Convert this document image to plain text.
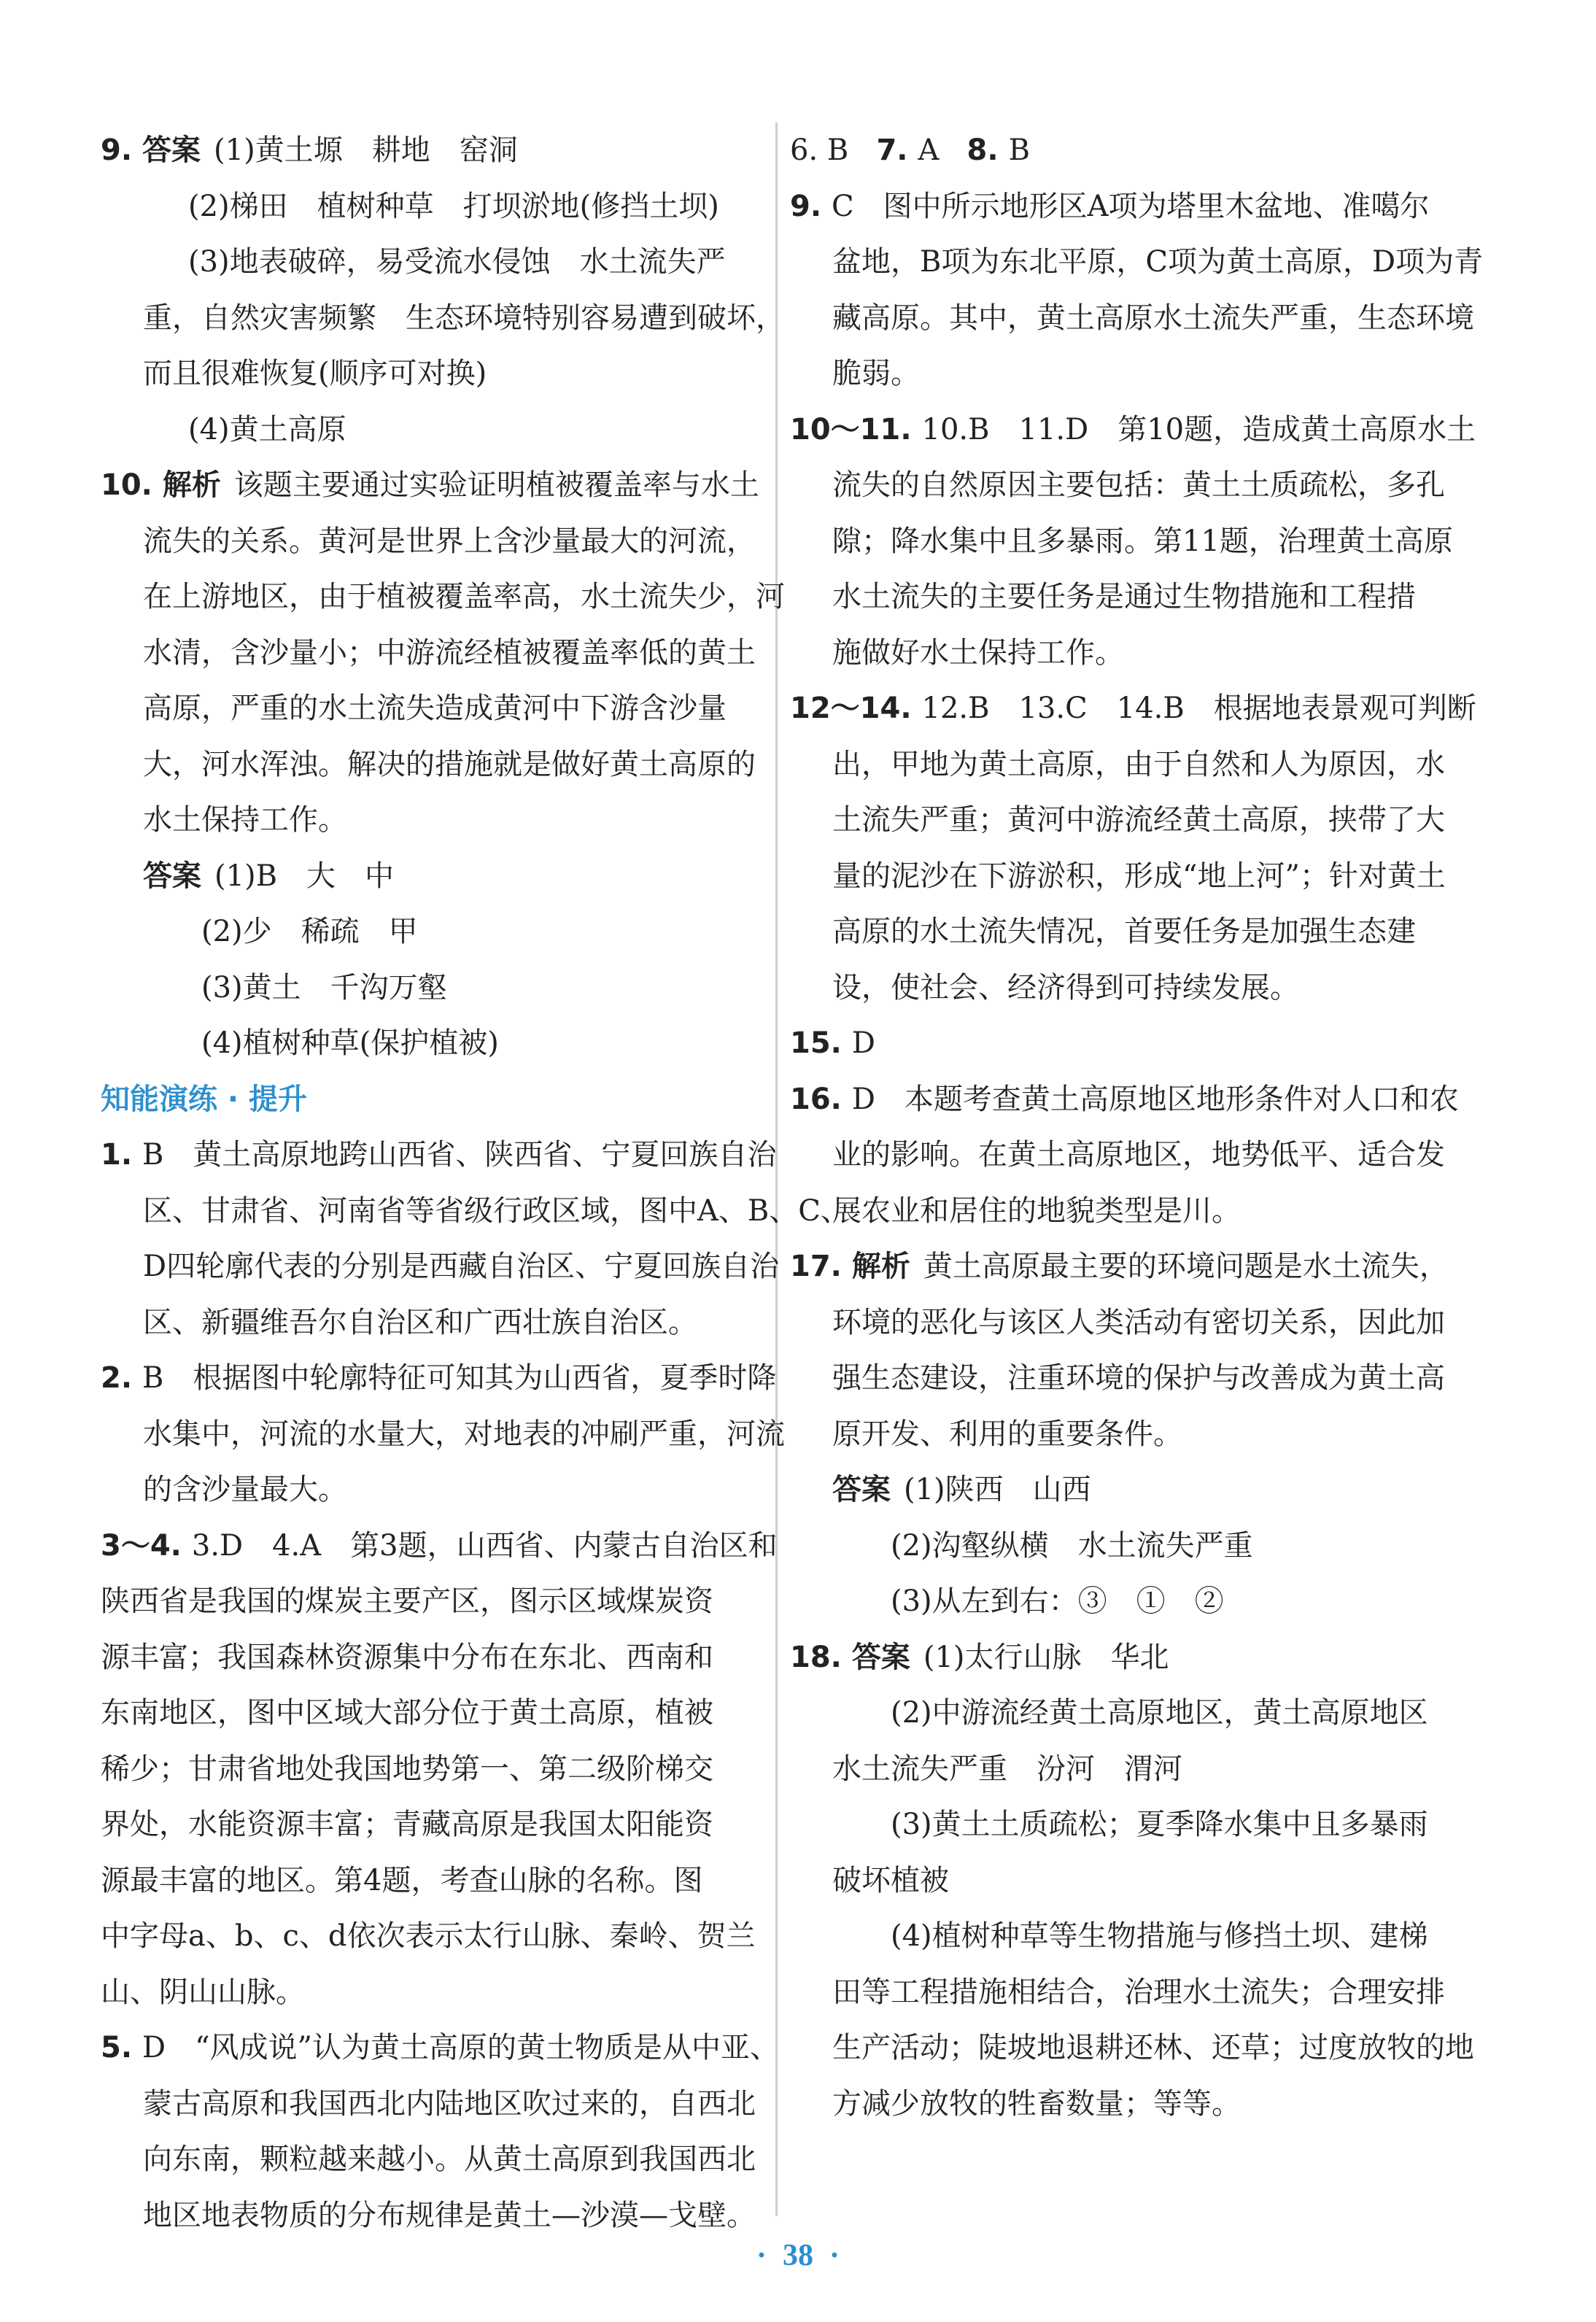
9. 答案 (1)黄土塬　耕地　窑洞
(2)梯田　植树种草　打坝淤地(修挡土坝)
(3)地表破碎，易受流水侵蚀　水土流失严
重，自然灾害频繁　生态环境特别容易遭到破坏，
而且很难恢复(顺序可对换)
(4)黄土高原
10. 解析 该题主要通过实验证明植被覆盖率与水土
流失的关系。黄河是世界上含沙量最大的河流，
在上游地区，由于植被覆盖率高，水土流失少，河
水清，含沙量小；中游流经植被覆盖率低的黄土
高原，严重的水土流失造成黄河中下游含沙量
大，河水浑浊。解决的措施就是做好黄土高原的
水土保持工作。
答案 (1)B　大　中
(2)少　稀疏　甲
(3)黄土　千沟万壑
(4)植树种草(保护植被)
知能演练 · 提升
1. B　黄土高原地跨山西省、陕西省、宁夏回族自治
区、甘肃省、河南省等省级行政区域，图中A、B、C、
D四轮廓代表的分别是西藏自治区、宁夏回族自治
区、新疆维吾尔自治区和广西壮族自治区。
2. B　根据图中轮廓特征可知其为山西省，夏季时降
水集中，河流的水量大，对地表的冲刷严重，河流
的含沙量最大。
3～4. 3.D　4.A　第3题，山西省、内蒙古自治区和
陕西省是我国的煤炭主要产区，图示区域煤炭资
源丰富；我国森林资源集中分布在东北、西南和
东南地区，图中区域大部分位于黄土高原，植被
稀少；甘肃省地处我国地势第一、第二级阶梯交
界处，水能资源丰富；青藏高原是我国太阳能资
源最丰富的地区。第4题，考查山脉的名称。图
中字母a、b、c、d依次表示太行山脉、秦岭、贺兰
山、阴山山脉。
5. D　“风成说”认为黄土高原的黄土物质是从中亚、
蒙古高原和我国西北内陆地区吹过来的，自西北
向东南，颗粒越来越小。从黄土高原到我国西北
地区地表物质的分布规律是黄土—沙漠—戈壁。
6. B 7. A 8. B
9. C　图中所示地形区A项为塔里木盆地、准噶尔
盆地，B项为东北平原，C项为黄土高原，D项为青
藏高原。其中，黄土高原水土流失严重，生态环境
脆弱。
10～11. 10.B　11.D　第10题，造成黄土高原水土
流失的自然原因主要包括：黄土土质疏松，多孔
隙；降水集中且多暴雨。第11题，治理黄土高原
水土流失的主要任务是通过生物措施和工程措
施做好水土保持工作。
12～14. 12.B　13.C　14.B　根据地表景观可判断
出，甲地为黄土高原，由于自然和人为原因，水
土流失严重；黄河中游流经黄土高原，挟带了大
量的泥沙在下游淤积，形成“地上河”；针对黄土
高原的水土流失情况，首要任务是加强生态建
设，使社会、经济得到可持续发展。
15. D
16. D　本题考查黄土高原地区地形条件对人口和农
业的影响。在黄土高原地区，地势低平、适合发
展农业和居住的地貌类型是川。
17. 解析 黄土高原最主要的环境问题是水土流失，
环境的恶化与该区人类活动有密切关系，因此加
强生态建设，注重环境的保护与改善成为黄土高
原开发、利用的重要条件。
答案 (1)陕西　山西
(2)沟壑纵横　水土流失严重
(3)从左到右：③　①　②
18. 答案 (1)太行山脉　华北
(2)中游流经黄土高原地区，黄土高原地区
水土流失严重　汾河　渭河
(3)黄土土质疏松；夏季降水集中且多暴雨
破坏植被
(4)植树种草等生物措施与修挡土坝、建梯
田等工程措施相结合，治理水土流失；合理安排
生产活动；陡坡地退耕还林、还草；过度放牧的地
方减少放牧的牲畜数量；等等。
· 38 ·
